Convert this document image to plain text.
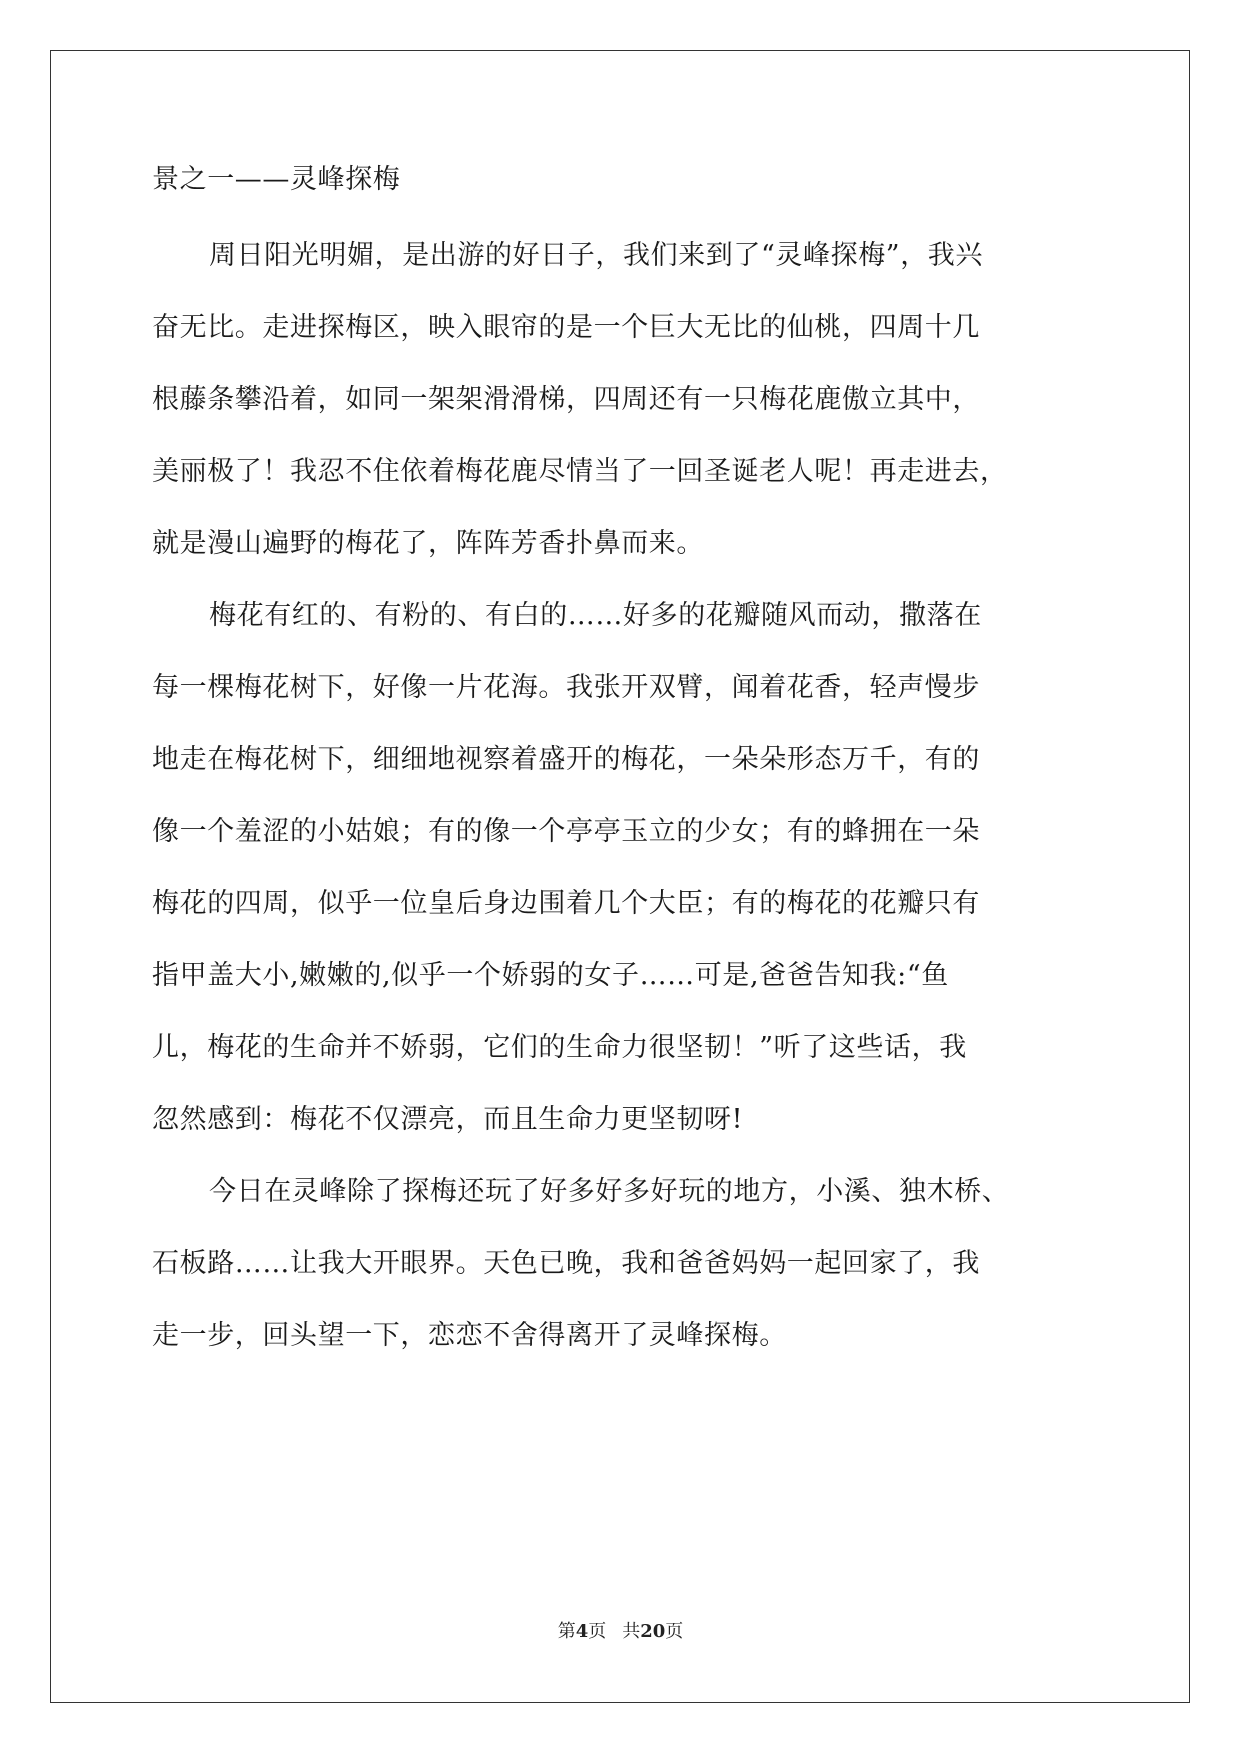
景之一——灵峰探梅
周日阳光明媚，是出游的好日子，我们来到了“灵峰探梅”，我兴
奋无比。走进探梅区，映入眼帘的是一个巨大无比的仙桃，四周十几
根藤条攀沿着，如同一架架滑滑梯，四周还有一只梅花鹿傲立其中，
美丽极了！我忍不住依着梅花鹿尽情当了一回圣诞老人呢！再走进去，
就是漫山遍野的梅花了，阵阵芳香扑鼻而来。
梅花有红的、有粉的、有白的……好多的花瓣随风而动，撒落在
每一棵梅花树下，好像一片花海。我张开双臂，闻着花香，轻声慢步
地走在梅花树下，细细地视察着盛开的梅花，一朵朵形态万千，有的
像一个羞涩的小姑娘；有的像一个亭亭玉立的少女；有的蜂拥在一朵
梅花的四周，似乎一位皇后身边围着几个大臣；有的梅花的花瓣只有
指甲盖大小,嫩嫩的,似乎一个娇弱的女子……可是,爸爸告知我:“鱼
儿，梅花的生命并不娇弱，它们的生命力很坚韧！”听了这些话，我
忽然感到：梅花不仅漂亮，而且生命力更坚韧呀!
今日在灵峰除了探梅还玩了好多好多好玩的地方，小溪、独木桥、
石板路……让我大开眼界。天色已晚，我和爸爸妈妈一起回家了，我
走一步，回头望一下，恋恋不舍得离开了灵峰探梅。
第4页 共20页
